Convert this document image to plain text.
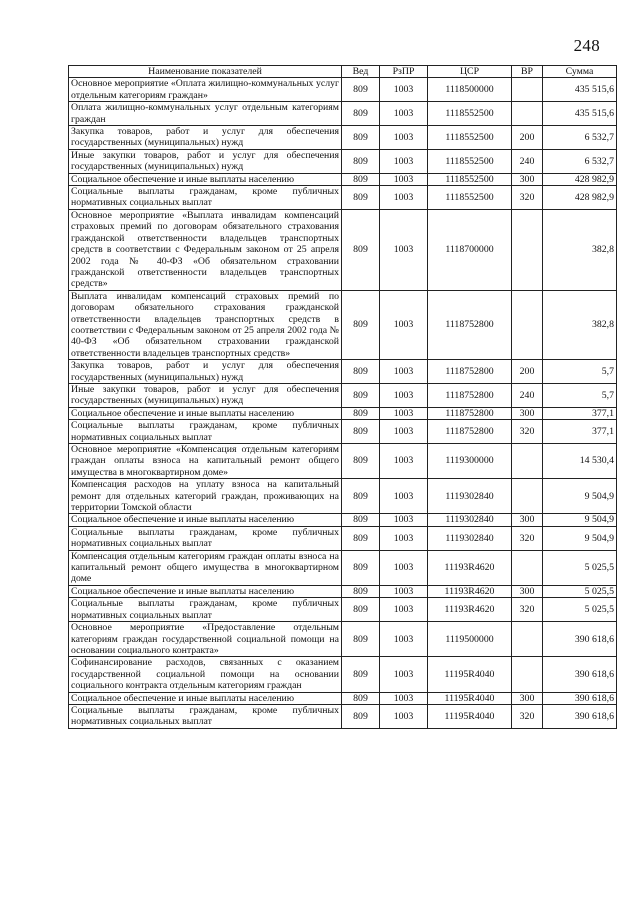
248
Наименование показателей	Вед	РзПР	ЦСР	ВР	Сумма
Основное мероприятие «Оплата жилищно-коммунальных услуг отдельным категориям граждан»	809	1003	1118500000		435 515,6
Оплата жилищно-коммунальных услуг отдельным категориям граждан	809	1003	1118552500		435 515,6
Закупка товаров, работ и услуг для обеспечения государственных (муниципальных) нужд	809	1003	1118552500	200	6 532,7
Иные закупки товаров, работ и услуг для обеспечения государственных (муниципальных) нужд	809	1003	1118552500	240	6 532,7
Социальное обеспечение и иные выплаты населению	809	1003	1118552500	300	428 982,9
Социальные выплаты гражданам, кроме публичных нормативных социальных выплат	809	1003	1118552500	320	428 982,9
Основное мероприятие «Выплата инвалидам компенсаций страховых премий по договорам обязательного страхования гражданской ответственности владельцев транспортных средств в соответствии с Федеральным законом от 25 апреля 2002 года № 40-ФЗ «Об обязательном страховании гражданской ответственности владельцев транспортных средств»	809	1003	1118700000		382,8
Выплата инвалидам компенсаций страховых премий по договорам обязательного страхования гражданской ответственности владельцев транспортных средств в соответствии с Федеральным законом от 25 апреля 2002 года № 40-ФЗ «Об обязательном страховании гражданской ответственности владельцев транспортных средств»	809	1003	1118752800		382,8
Закупка товаров, работ и услуг для обеспечения государственных (муниципальных) нужд	809	1003	1118752800	200	5,7
Иные закупки товаров, работ и услуг для обеспечения государственных (муниципальных) нужд	809	1003	1118752800	240	5,7
Социальное обеспечение и иные выплаты населению	809	1003	1118752800	300	377,1
Социальные выплаты гражданам, кроме публичных нормативных социальных выплат	809	1003	1118752800	320	377,1
Основное мероприятие «Компенсация отдельным категориям граждан оплаты взноса на капитальный ремонт общего имущества в многоквартирном доме»	809	1003	1119300000		14 530,4
Компенсация расходов на уплату взноса на капитальный ремонт для отдельных категорий граждан, проживающих на территории Томской области	809	1003	1119302840		9 504,9
Социальное обеспечение и иные выплаты населению	809	1003	1119302840	300	9 504,9
Социальные выплаты гражданам, кроме публичных нормативных социальных выплат	809	1003	1119302840	320	9 504,9
Компенсация отдельным категориям граждан оплаты взноса на капитальный ремонт общего имущества в многоквартирном доме	809	1003	11193R4620		5 025,5
Социальное обеспечение и иные выплаты населению	809	1003	11193R4620	300	5 025,5
Социальные выплаты гражданам, кроме публичных нормативных социальных выплат	809	1003	11193R4620	320	5 025,5
Основное мероприятие «Предоставление отдельным категориям граждан государственной социальной помощи на основании социального контракта»	809	1003	1119500000		390 618,6
Софинансирование расходов, связанных с оказанием государственной социальной помощи на основании социального контракта отдельным категориям граждан	809	1003	11195R4040		390 618,6
Социальное обеспечение и иные выплаты населению	809	1003	11195R4040	300	390 618,6
Социальные выплаты гражданам, кроме публичных нормативных социальных выплат	809	1003	11195R4040	320	390 618,6
